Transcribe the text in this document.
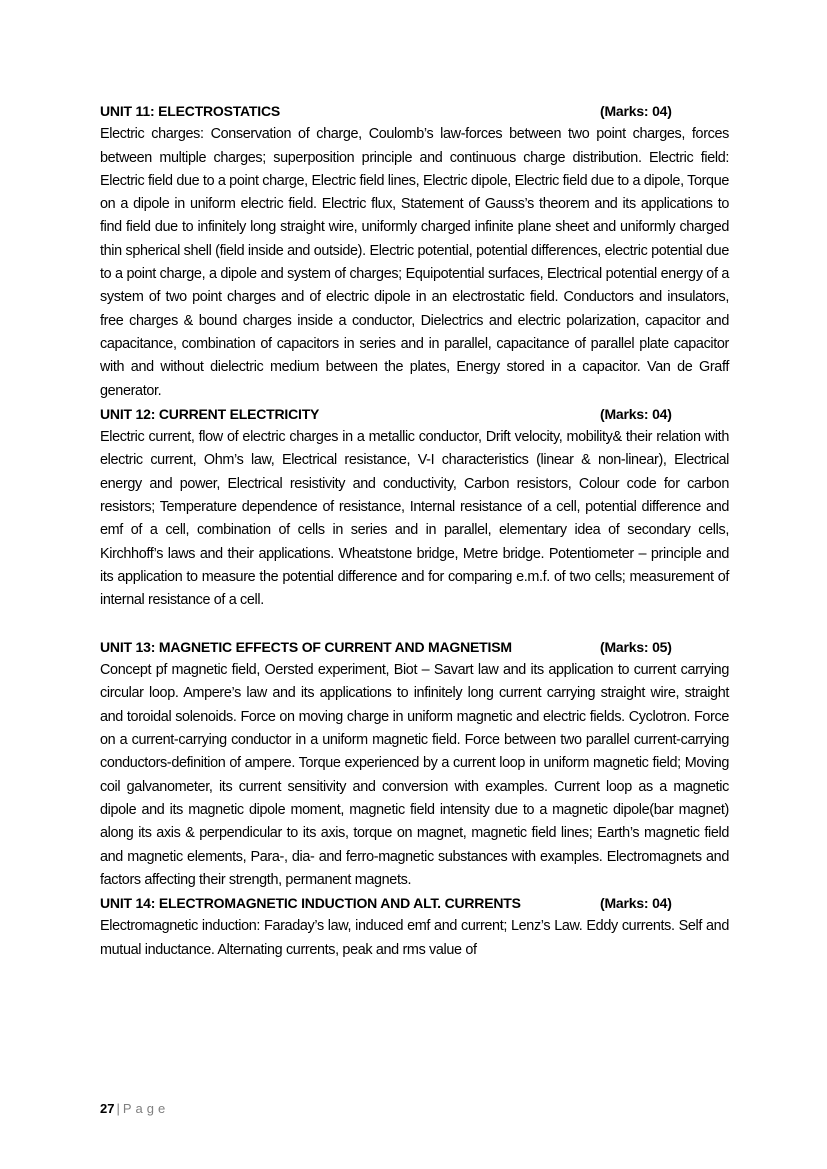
UNIT 11: ELECTROSTATICS	(Marks: 04)

Electric charges: Conservation of charge, Coulomb’s law-forces between two point charges, forces between multiple charges; superposition principle and continuous charge distribution. Electric field: Electric field due to a point charge, Electric field lines, Electric dipole, Electric field due to a dipole, Torque on a dipole in uniform electric field. Electric flux, Statement of Gauss’s theorem and its applications to find field due to infinitely long straight wire, uniformly charged infinite plane sheet and uniformly charged thin spherical shell (field inside and outside). Electric potential, potential differences, electric potential due to a point charge, a dipole and system of charges; Equipotential surfaces, Electrical potential energy of a system of two point charges and of electric dipole in an electrostatic field. Conductors and insulators, free charges & bound charges inside a conductor, Dielectrics and electric polarization, capacitor and capacitance, combination of capacitors in series and in parallel, capacitance of parallel plate capacitor with and without dielectric medium between the plates, Energy stored in a capacitor. Van de Graff generator.

UNIT 12: CURRENT ELECTRICITY	(Marks: 04)

Electric current, flow of electric charges in a metallic conductor, Drift velocity, mobility& their relation with electric current, Ohm’s law, Electrical resistance, V-I characteristics (linear & non-linear), Electrical energy and power, Electrical resistivity and conductivity, Carbon resistors, Colour code for carbon resistors; Temperature dependence of resistance, Internal resistance of a cell, potential difference and emf of a cell, combination of cells in series and in parallel, elementary idea of secondary cells, Kirchhoff’s laws and their applications. Wheatstone bridge, Metre bridge. Potentiometer – principle and its application to measure the potential difference and for comparing e.m.f. of two cells; measurement of internal resistance of a cell.

UNIT 13: MAGNETIC EFFECTS OF CURRENT AND MAGNETISM	(Marks: 05)

Concept pf magnetic field, Oersted experiment, Biot – Savart law and its application to current carrying circular loop. Ampere’s law and its applications to infinitely long current carrying straight wire, straight and toroidal solenoids. Force on moving charge in uniform magnetic and electric fields. Cyclotron. Force on a current-carrying conductor in a uniform magnetic field. Force between two parallel current-carrying conductors-definition of ampere. Torque experienced by a current loop in uniform magnetic field; Moving coil galvanometer, its current sensitivity and conversion with examples. Current loop as a magnetic dipole and its magnetic dipole moment, magnetic field intensity due to a magnetic dipole(bar magnet) along its axis & perpendicular to its axis, torque on magnet, magnetic field lines; Earth’s magnetic field and magnetic elements, Para-, dia- and ferro-magnetic substances with examples. Electromagnets and factors affecting their strength, permanent magnets.

UNIT 14: ELECTROMAGNETIC INDUCTION AND ALT. CURRENTS	(Marks: 04)

Electromagnetic induction: Faraday’s law, induced emf and current; Lenz’s Law. Eddy currents. Self and mutual inductance. Alternating currents, peak and rms value of

27 | Page
